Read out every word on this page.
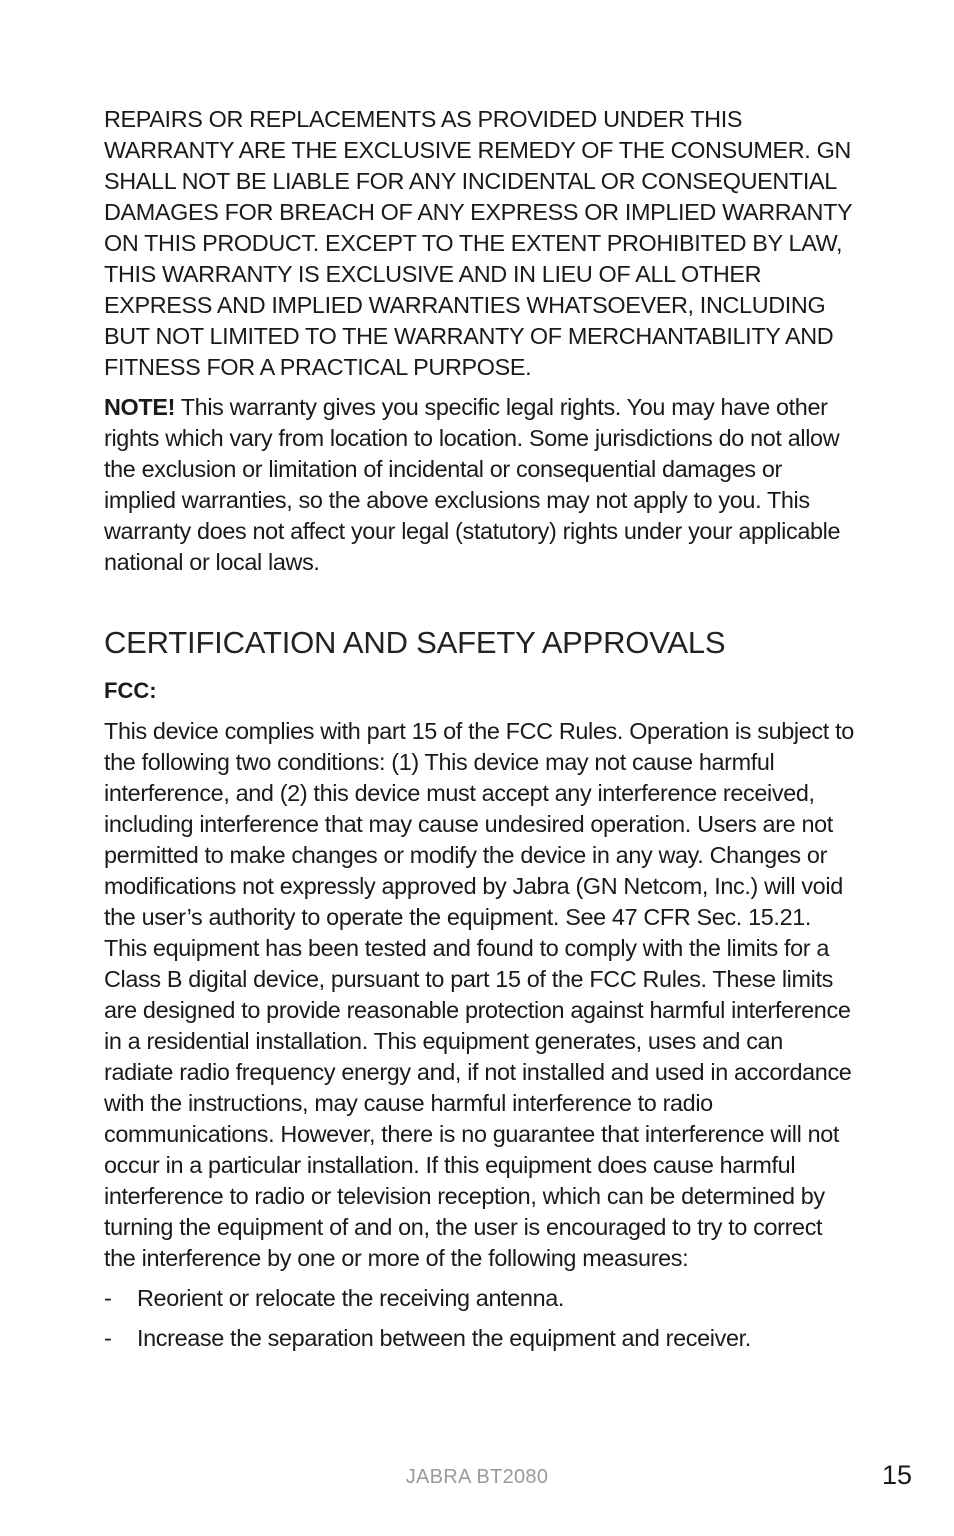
REPAIRS OR REPLACEMENTS AS PROVIDED UNDER THIS WARRANTY ARE THE EXCLUSIVE REMEDY OF THE CONSUMER. GN SHALL NOT BE LIABLE FOR ANY INCIDENTAL OR CONSEQUENTIAL DAMAGES FOR BREACH OF ANY EXPRESS OR IMPLIED WARRANTY ON THIS PRODUCT. EXCEPT TO THE EXTENT PROHIBITED BY LAW, THIS WARRANTY IS EXCLUSIVE AND IN LIEU OF ALL OTHER EXPRESS AND IMPLIED WARRANTIES WHATSOEVER, INCLUDING BUT NOT LIMITED TO THE WARRANTY OF MERCHANTABILITY AND FITNESS FOR A PRACTICAL PURPOSE.

NOTE! This warranty gives you specific legal rights. You may have other rights which vary from location to location. Some jurisdictions do not allow the exclusion or limitation of incidental or consequential damages or implied warranties, so the above exclusions may not apply to you. This warranty does not affect your legal (statutory) rights under your applicable national or local laws.

CERTIFICATION AND SAFETY APPROVALS

FCC:

This device complies with part 15 of the FCC Rules. Operation is subject to the following two conditions: (1) This device may not cause harmful interference, and (2) this device must accept any interference received, including interference that may cause undesired operation. Users are not permitted to make changes or modify the device in any way. Changes or modifications not expressly approved by Jabra (GN Netcom, Inc.) will void the user’s authority to operate the equipment. See 47 CFR Sec. 15.21. This equipment has been tested and found to comply with the limits for a Class B digital device, pursuant to part 15 of the FCC Rules. These limits are designed to provide reasonable protection against harmful interference in a residential installation. This equipment generates, uses and can radiate radio frequency energy and, if not installed and used in accordance with the instructions, may cause harmful interference to radio communications. However, there is no guarantee that interference will not occur in a particular installation. If this equipment does cause harmful interference to radio or television reception, which can be determined by turning the equipment of and on, the user is encouraged to try to correct the interference by one or more of the following measures:

- Reorient or relocate the receiving antenna.
- Increase the separation between the equipment and receiver.
JABRA BT2080	15
